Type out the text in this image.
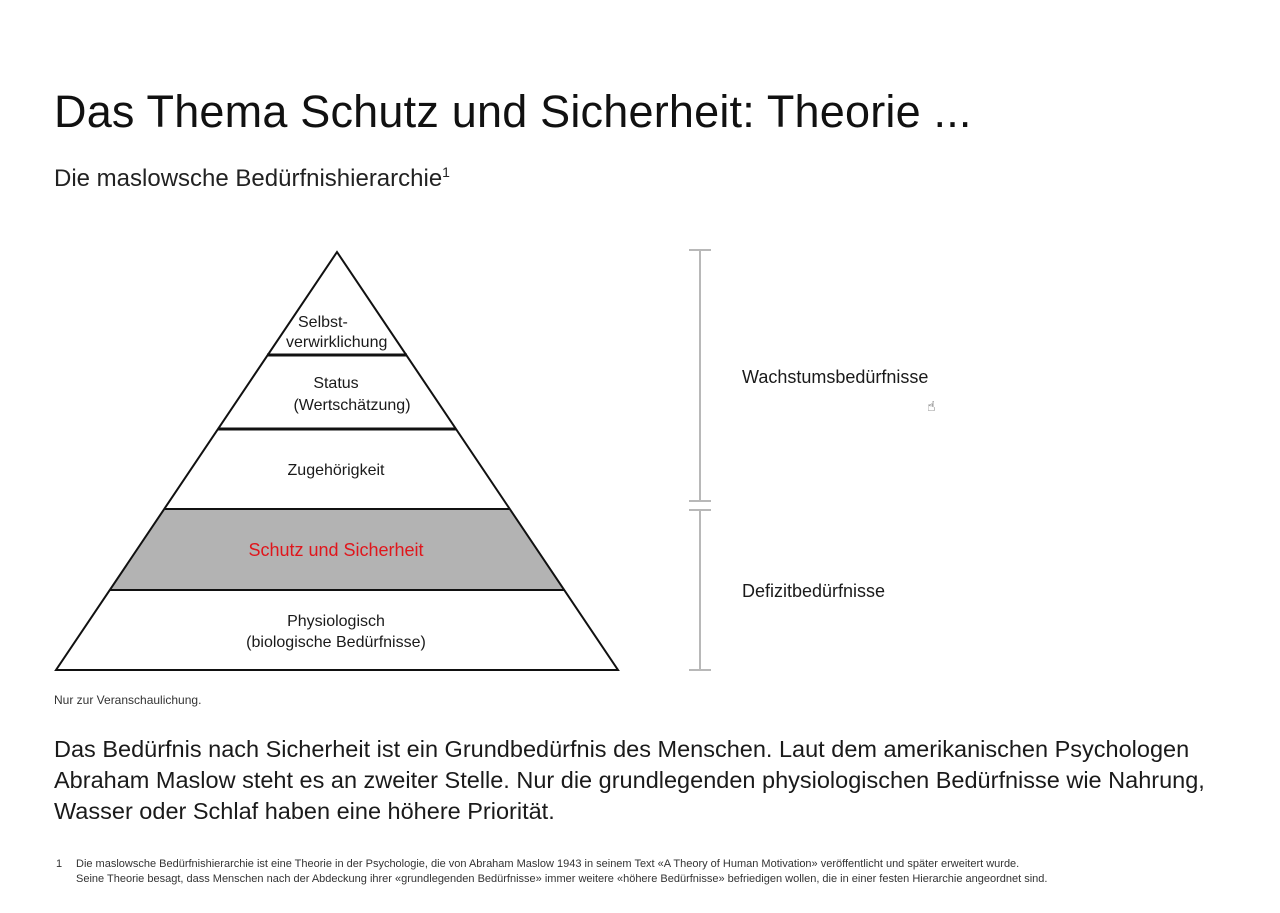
Das Thema Schutz und Sicherheit: Theorie ...
Die maslowsche Bedürfnishierarchie$^1$
Selbst-
verwirklichung
Status
(Wertschätzung)
Zugehörigkeit
Schutz und Sicherheit
Physiologisch
(biologische Bedürfnisse)
Wachstumsbedürfnisse
Defizitbedürfnisse
☝
Nur zur Veranschaulichung.

Das Bedürfnis nach Sicherheit ist ein Grundbedürfnis des Menschen. Laut dem amerikanischen Psychologen Abraham Maslow steht es an zweiter Stelle. Nur die grundlegenden physiologischen Bedürfnisse wie Nahrung, Wasser oder Schlaf haben eine höhere Priorität.

1 Die maslowsche Bedürfnishierarchie ist eine Theorie in der Psychologie, die von Abraham Maslow 1943 in seinem Text «A Theory of Human Motivation» veröffentlicht und später erweitert wurde.
Seine Theorie besagt, dass Menschen nach der Abdeckung ihrer «grundlegenden Bedürfnisse» immer weitere «höhere Bedürfnisse» befriedigen wollen, die in einer festen Hierarchie angeordnet sind.
